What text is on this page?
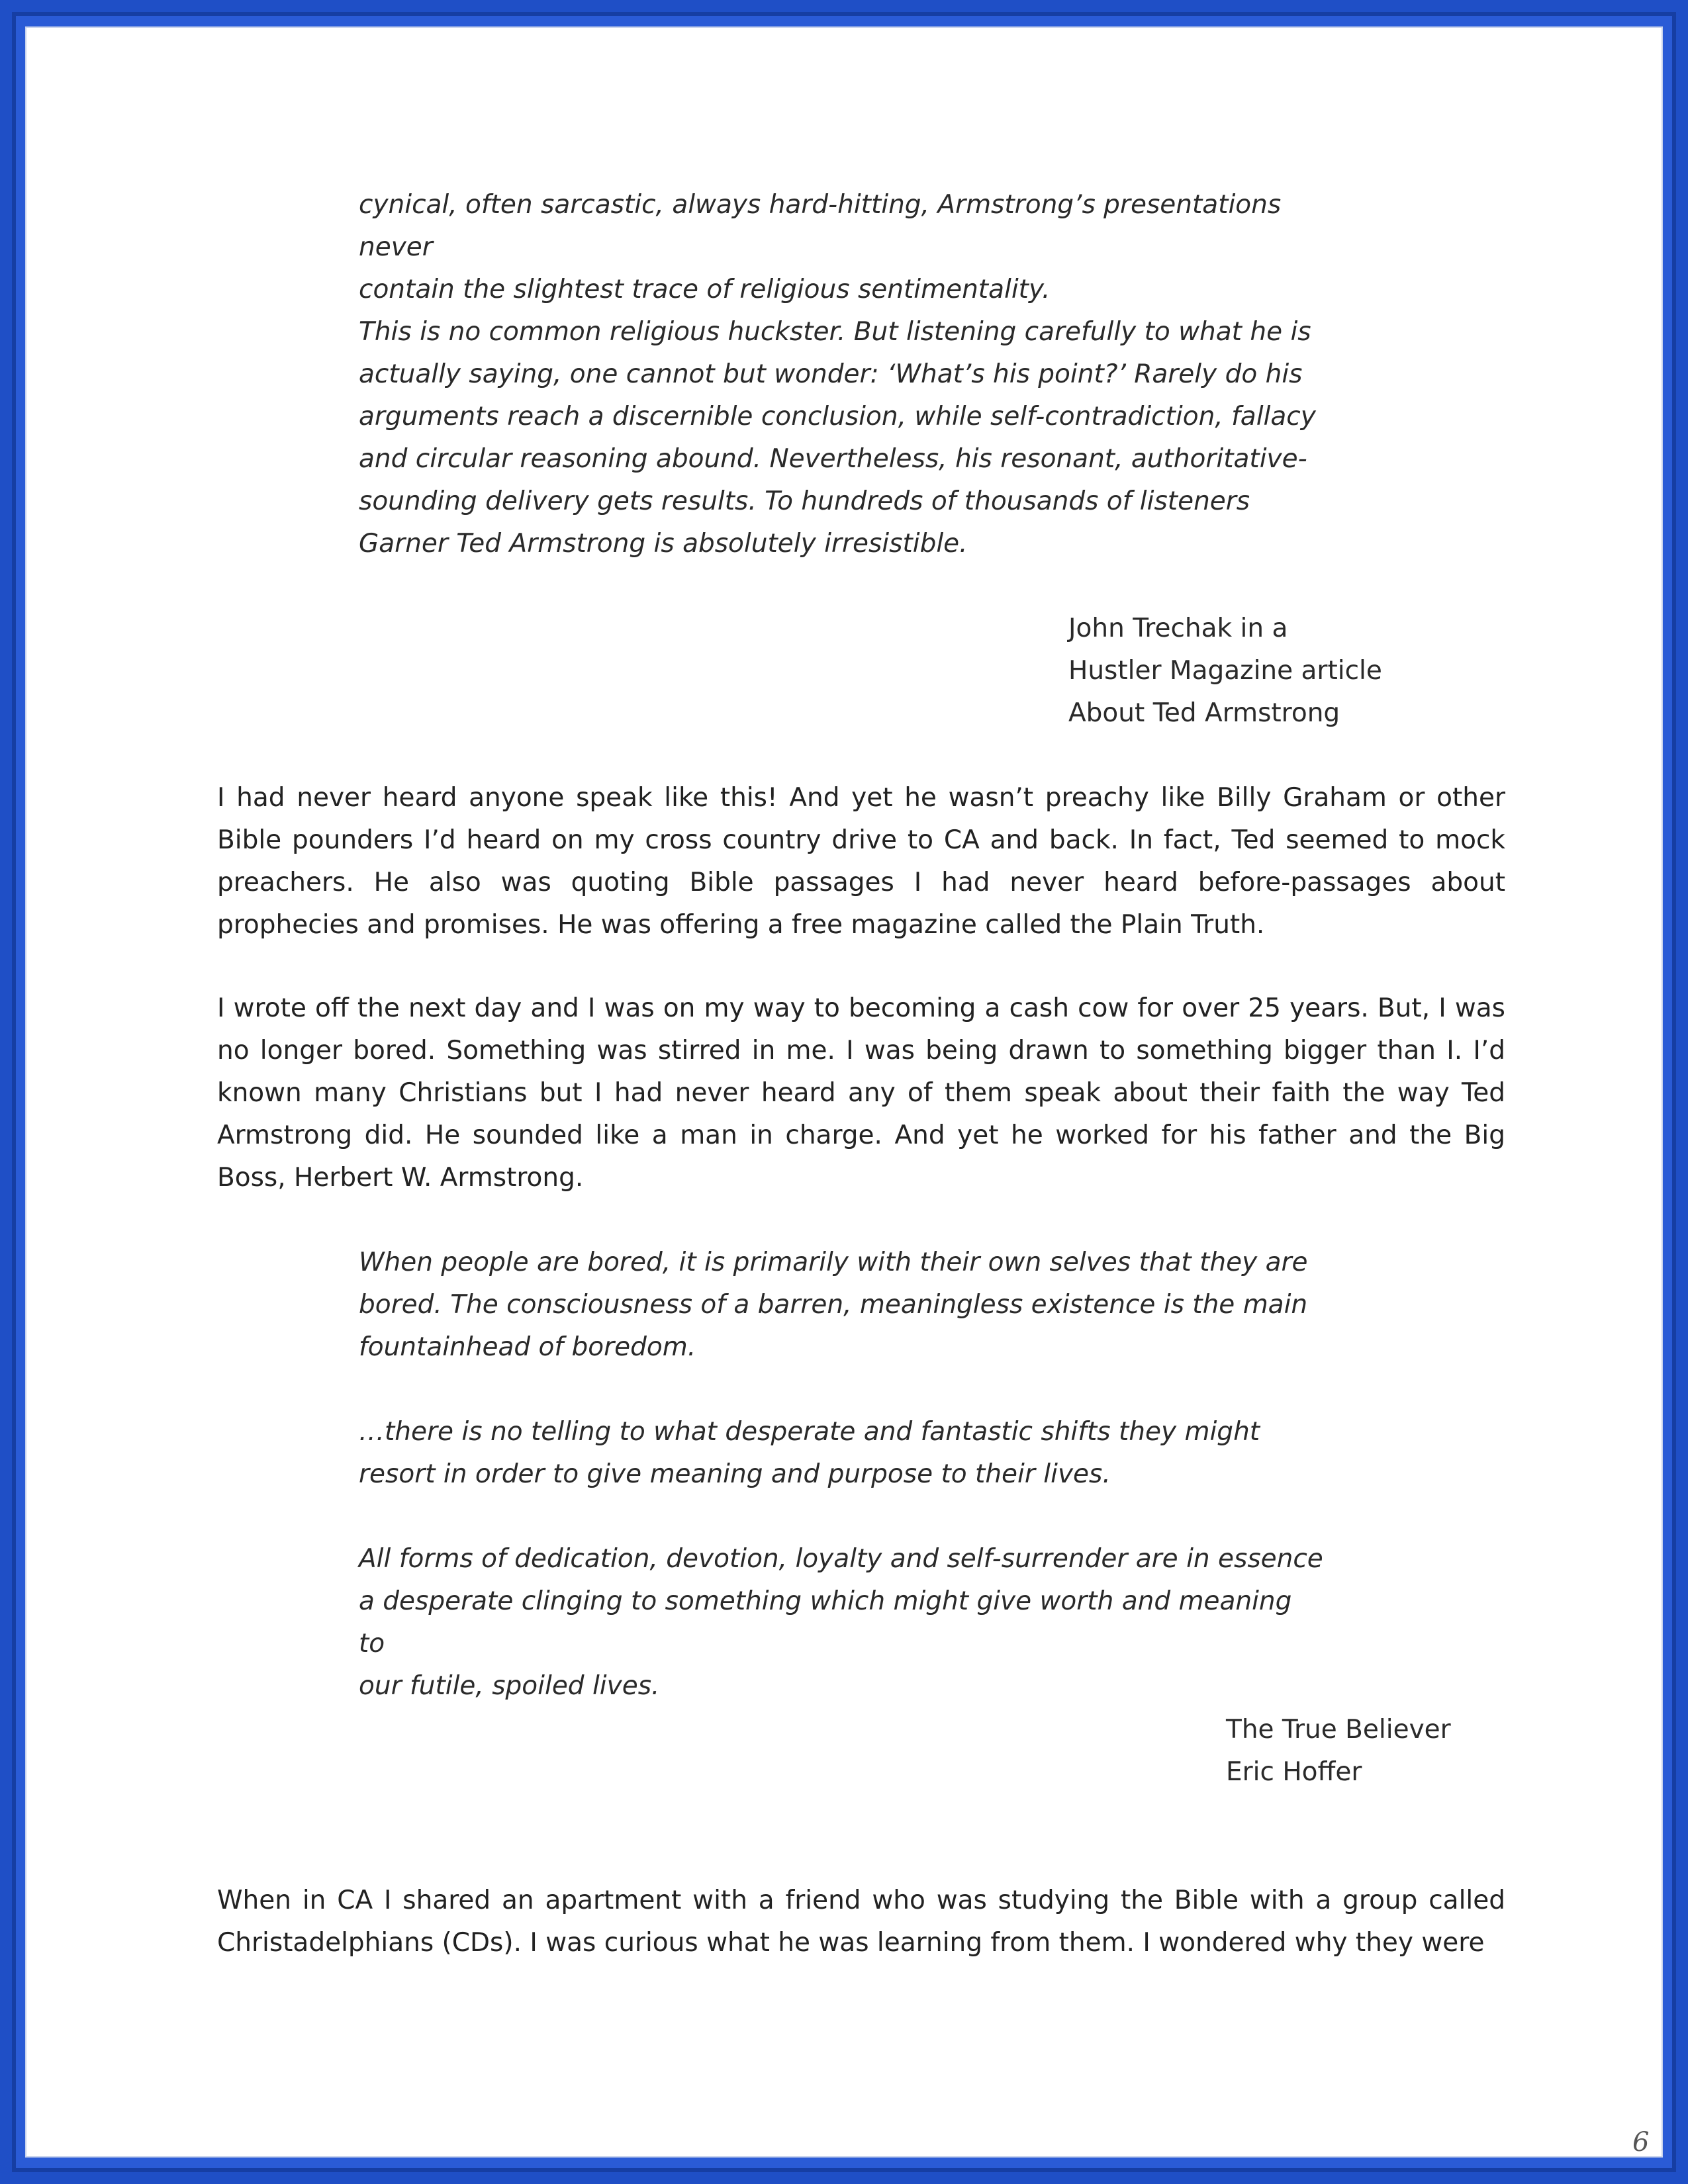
cynical, often sarcastic, always hard-hitting, Armstrong’s presentations never
contain the slightest trace of religious sentimentality.

This is no common religious huckster. But listening carefully to what he is
actually saying, one cannot but wonder: ‘What’s his point?’ Rarely do his
arguments reach a discernible conclusion, while self-contradiction, fallacy
and circular reasoning abound. Nevertheless, his resonant, authoritative-
sounding delivery gets results. To hundreds of thousands of listeners
Garner Ted Armstrong is absolutely irresistible.

John Trechak in a
Hustler Magazine article
About Ted Armstrong

I had never heard anyone speak like this! And yet he wasn’t preachy like Billy Graham or other Bible pounders I’d heard on my cross country drive to CA and back. In fact, Ted seemed to mock preachers. He also was quoting Bible passages I had never heard before-passages about prophecies and promises. He was offering a free magazine called the Plain Truth.

I wrote off the next day and I was on my way to becoming a cash cow for over 25 years. But, I was no longer bored. Something was stirred in me. I was being drawn to something bigger than I. I’d known many Christians but I had never heard any of them speak about their faith the way Ted Armstrong did. He sounded like a man in charge. And yet he worked for his father and the Big Boss, Herbert W. Armstrong.

When people are bored, it is primarily with their own selves that they are
bored. The consciousness of a barren, meaningless existence is the main
fountainhead of boredom.

…there is no telling to what desperate and fantastic shifts they might
resort in order to give meaning and purpose to their lives.

All forms of dedication, devotion, loyalty and self-surrender are in essence
a desperate clinging to something which might give worth and meaning to
our futile, spoiled lives.

The True Believer
Eric Hoffer

When in CA I shared an apartment with a friend who was studying the Bible with a group called Christadelphians (CDs). I was curious what he was learning from them. I wondered why they were

6
